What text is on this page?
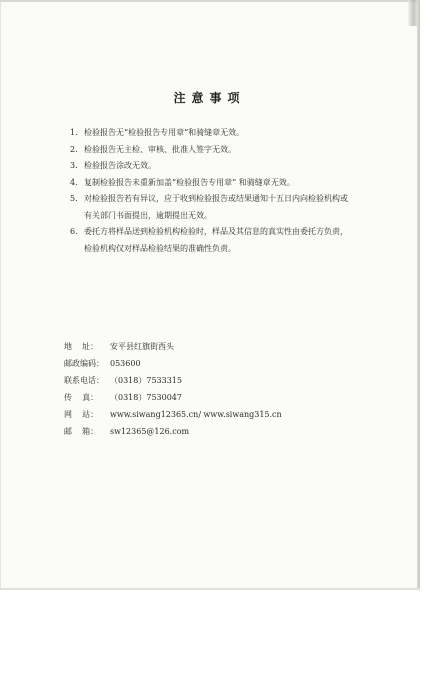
注意事项
1. 检验报告无“检验报告专用章”和骑缝章无效。
2. 检验报告无主检、审核、批准人签字无效。
3. 检验报告涂改无效。
4. 复制检验报告未重新加盖“检验报告专用章” 和骑缝章无效。
5. 对检验报告若有异议，应于收到检验报告或结果通知十五日内向检验机构或
有关部门书面提出，逾期提出无效。
6. 委托方将样品送到检验机构检验时，样品及其信息的真实性由委托方负责，
检验机构仅对样品检验结果的准确性负责。
地    址：	安平县红旗街西头
邮政编码： 053600
联系电话： （0318）7533315
传    真：	（0318）7530047
网    站：	www.siwang12365.cn/ www.siwang315.cn
邮    箱：	sw12365@126.com
